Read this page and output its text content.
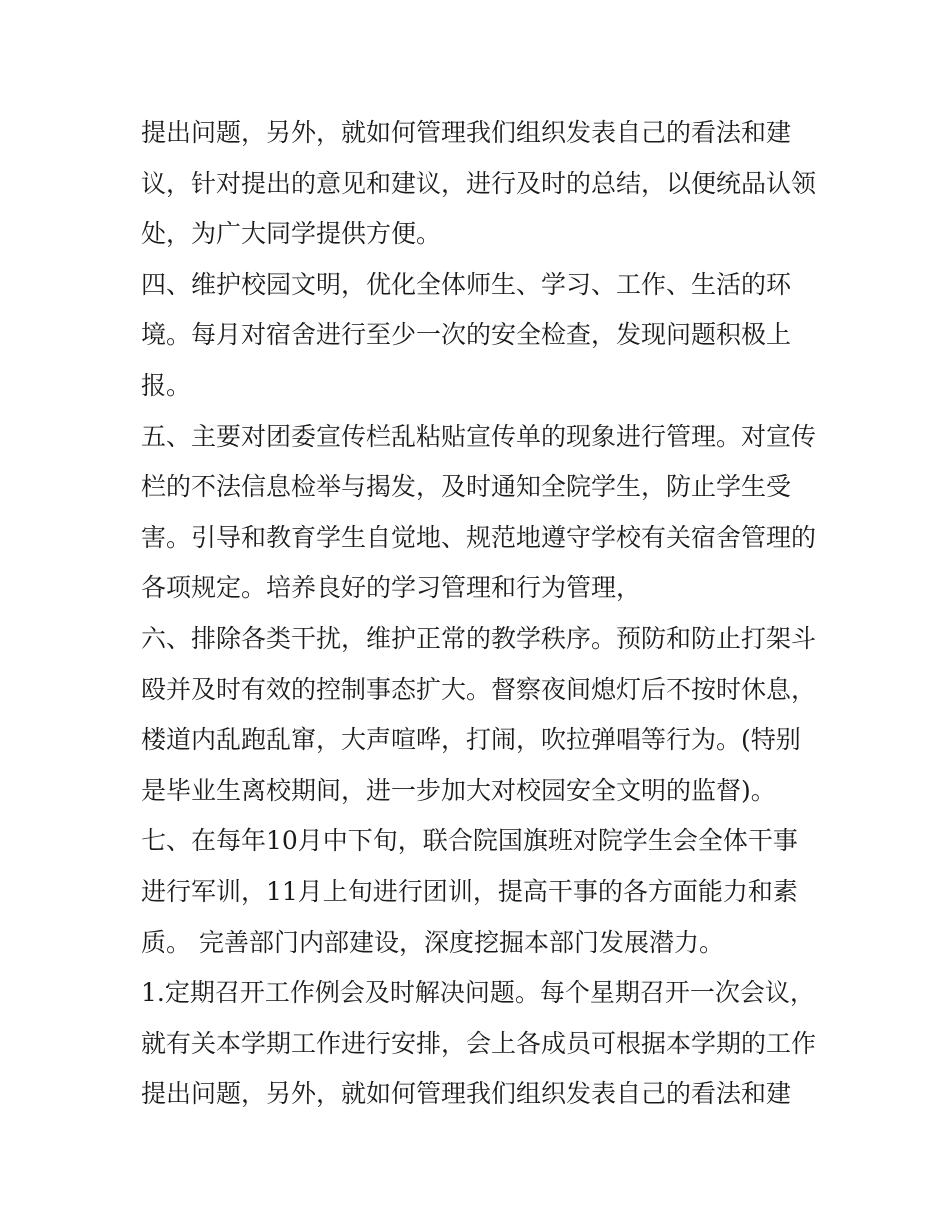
提出问题，另外，就如何管理我们组织发表自己的看法和建
议，针对提出的意见和建议，进行及时的总结，以便统品认领
处，为广大同学提供方便。
四、维护校园文明，优化全体师生、学习、工作、生活的环
境。每月对宿舍进行至少一次的安全检查，发现问题积极上
报。
五、主要对团委宣传栏乱粘贴宣传单的现象进行管理。对宣传
栏的不法信息检举与揭发，及时通知全院学生，防止学生受
害。引导和教育学生自觉地、规范地遵守学校有关宿舍管理的
各项规定。培养良好的学习管理和行为管理，
六、排除各类干扰，维护正常的教学秩序。预防和防止打架斗
殴并及时有效的控制事态扩大。督察夜间熄灯后不按时休息，
楼道内乱跑乱窜，大声喧哗，打闹，吹拉弹唱等行为。(特别
是毕业生离校期间，进一步加大对校园安全文明的监督)。
七、在每年10月中下旬，联合院国旗班对院学生会全体干事
进行军训，11月上旬进行团训，提高干事的各方面能力和素
质。 完善部门内部建设，深度挖掘本部门发展潜力。
1.定期召开工作例会及时解决问题。每个星期召开一次会议，
就有关本学期工作进行安排，会上各成员可根据本学期的工作
提出问题，另外，就如何管理我们组织发表自己的看法和建
